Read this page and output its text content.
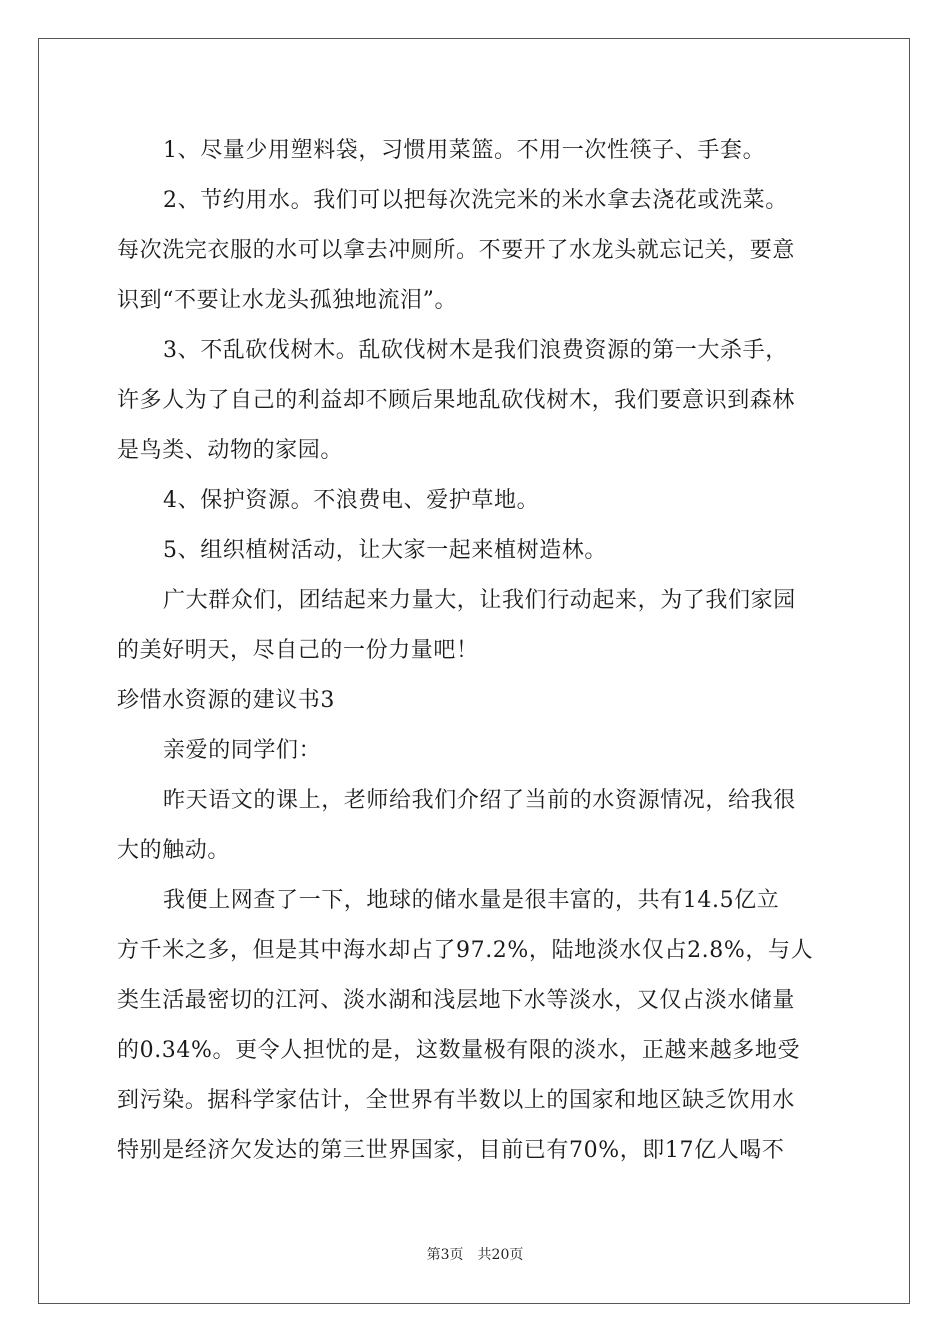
1、尽量少用塑料袋，习惯用菜篮。不用一次性筷子、手套。
2、节约用水。我们可以把每次洗完米的米水拿去浇花或洗菜。
每次洗完衣服的水可以拿去冲厕所。不要开了水龙头就忘记关，要意
识到“不要让水龙头孤独地流泪”。
3、不乱砍伐树木。乱砍伐树木是我们浪费资源的第一大杀手，
许多人为了自己的利益却不顾后果地乱砍伐树木，我们要意识到森林
是鸟类、动物的家园。
4、保护资源。不浪费电、爱护草地。
5、组织植树活动，让大家一起来植树造林。
广大群众们，团结起来力量大，让我们行动起来，为了我们家园
的美好明天，尽自己的一份力量吧！
珍惜水资源的建议书3
亲爱的同学们：
昨天语文的课上，老师给我们介绍了当前的水资源情况，给我很
大的触动。
我便上网查了一下，地球的储水量是很丰富的，共有14.5亿立
方千米之多，但是其中海水却占了97.2%，陆地淡水仅占2.8%，与人
类生活最密切的江河、淡水湖和浅层地下水等淡水，又仅占淡水储量
的0.34%。更令人担忧的是，这数量极有限的淡水，正越来越多地受
到污染。据科学家估计，全世界有半数以上的国家和地区缺乏饮用水
特别是经济欠发达的第三世界国家，目前已有70%，即17亿人喝不
第3页 共20页
